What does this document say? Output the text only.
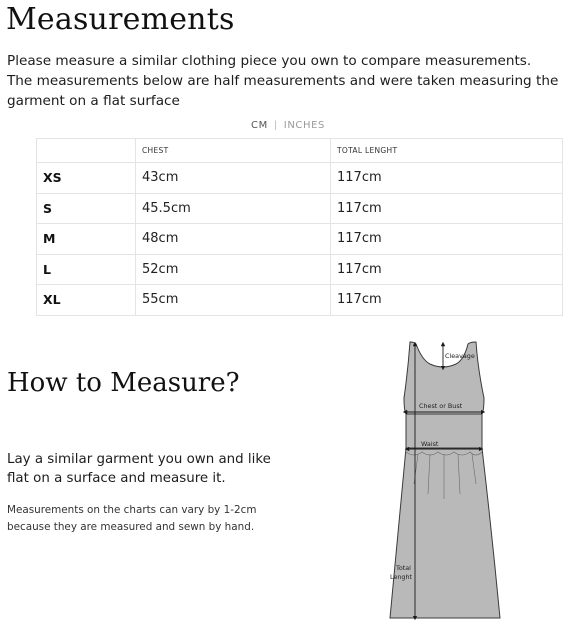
Measurements
Please measure a similar clothing piece you own to compare measurements.
The measurements below are half measurements and were taken measuring the
garment on a flat surface
CM | INCHES
	CHEST	TOTAL LENGHT
XS	43cm	117cm
S	45.5cm	117cm
M	48cm	117cm
L	52cm	117cm
XL	55cm	117cm
How to Measure?
Lay a similar garment you own and like
flat on a surface and measure it.
Measurements on the charts can vary by 1-2cm
because they are measured and sewn by hand.
Cleavage
Chest or Bust
Waist
Total
Lenght
